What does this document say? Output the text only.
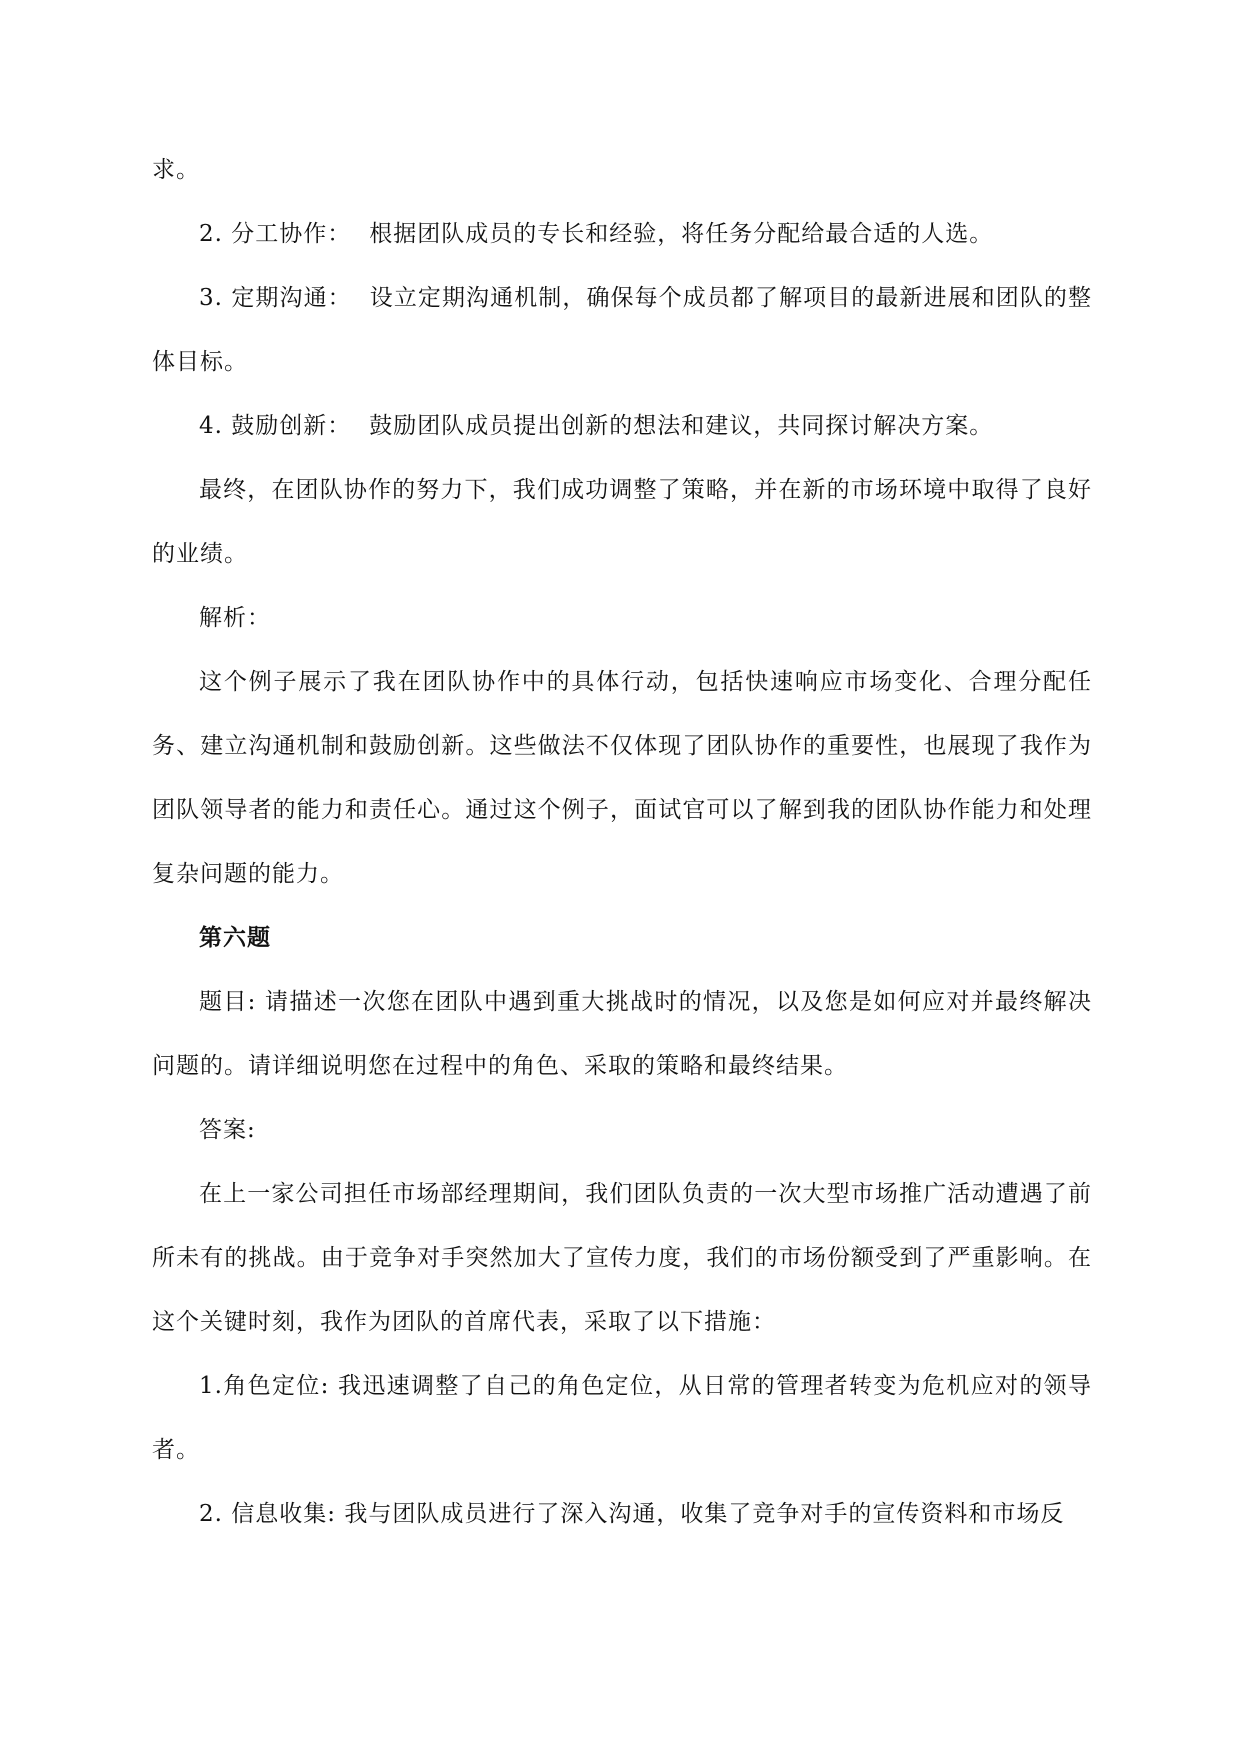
求。

2. 分工协作： 根据团队成员的专长和经验，将任务分配给最合适的人选。

3. 定期沟通： 设立定期沟通机制，确保每个成员都了解项目的最新进展和团队的整体目标。

4. 鼓励创新： 鼓励团队成员提出创新的想法和建议，共同探讨解决方案。

最终，在团队协作的努力下，我们成功调整了策略，并在新的市场环境中取得了良好的业绩。

解析：

这个例子展示了我在团队协作中的具体行动，包括快速响应市场变化、合理分配任务、建立沟通机制和鼓励创新。这些做法不仅体现了团队协作的重要性，也展现了我作为团队领导者的能力和责任心。通过这个例子，面试官可以了解到我的团队协作能力和处理复杂问题的能力。

第六题

题目: 请描述一次您在团队中遇到重大挑战时的情况，以及您是如何应对并最终解决问题的。请详细说明您在过程中的角色、采取的策略和最终结果。

答案:

在上一家公司担任市场部经理期间，我们团队负责的一次大型市场推广活动遭遇了前所未有的挑战。由于竞争对手突然加大了宣传力度，我们的市场份额受到了严重影响。在这个关键时刻，我作为团队的首席代表，采取了以下措施：

1.角色定位: 我迅速调整了自己的角色定位，从日常的管理者转变为危机应对的领导者。

2. 信息收集: 我与团队成员进行了深入沟通，收集了竞争对手的宣传资料和市场反
